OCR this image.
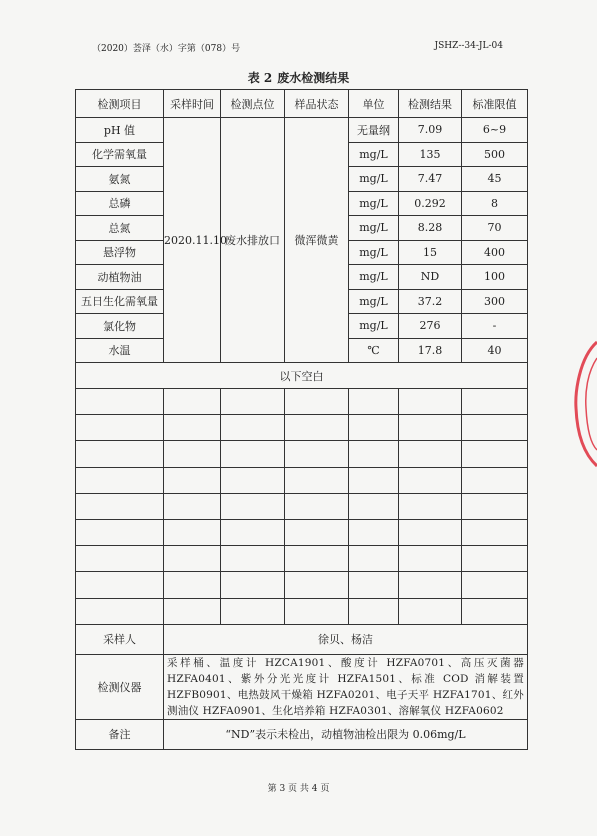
（2020）荟泽（水）字第（078）号	JSHZ--34-JL-04
表 2 废水检测结果
检测项目	采样时间	检测点位	样品状态	单位	检测结果	标准限值
pH 值	2020.11.10	废水排放口	微浑微黄	无量纲	7.09	6~9
化学需氧量				mg/L	135	500
氨氮				mg/L	7.47	45
总磷				mg/L	0.292	8
总氮				mg/L	8.28	70
悬浮物				mg/L	15	400
动植物油				mg/L	ND	100
五日生化需氧量				mg/L	37.2	300
氯化物				mg/L	276	-
水温				℃	17.8	40
以下空白						

采样人	徐贝、杨洁					
检测仪器	采样桶、温度计 HZCA1901、酸度计 HZFA0701、高压灭菌器 HZFA0401、紫外分光光度计 HZFA1501、标准 COD 消解装置 HZFB0901、电热鼓风干燥箱 HZFA0201、电子天平 HZFA1701、红外测油仪 HZFA0901、生化培养箱 HZFA0301、溶解氧仪 HZFA0602					
备注	“ND”表示未检出，动植物油检出限为 0.06mg/L					
第 3 页 共 4 页
